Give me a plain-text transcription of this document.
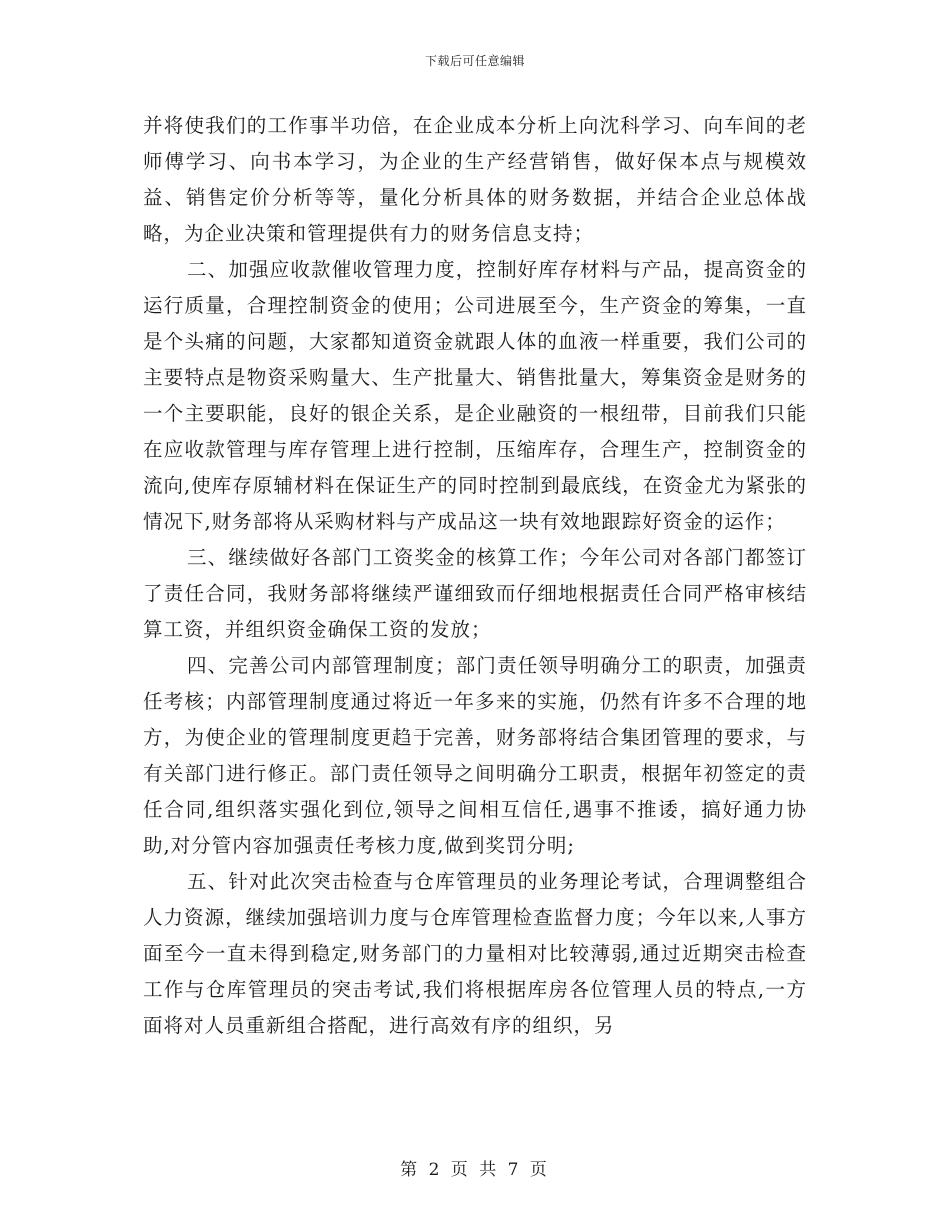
下载后可任意编辑

并将使我们的工作事半功倍，在企业成本分析上向沈科学习、向车间的老师傅学习、向书本学习，为企业的生产经营销售，做好保本点与规模效益、销售定价分析等等，量化分析具体的财务数据，并结合企业总体战略，为企业决策和管理提供有力的财务信息支持；

二、加强应收款催收管理力度，控制好库存材料与产品，提高资金的运行质量，合理控制资金的使用；公司进展至今，生产资金的筹集，一直是个头痛的问题，大家都知道资金就跟人体的血液一样重要，我们公司的主要特点是物资采购量大、生产批量大、销售批量大，筹集资金是财务的一个主要职能，良好的银企关系，是企业融资的一根纽带，目前我们只能在应收款管理与库存管理上进行控制，压缩库存，合理生产，控制资金的流向,使库存原辅材料在保证生产的同时控制到最底线，在资金尤为紧张的情况下,财务部将从采购材料与产成品这一块有效地跟踪好资金的运作；

三、继续做好各部门工资奖金的核算工作；今年公司对各部门都签订了责任合同，我财务部将继续严谨细致而仔细地根据责任合同严格审核结算工资，并组织资金确保工资的发放；

四、完善公司内部管理制度；部门责任领导明确分工的职责，加强责任考核；内部管理制度通过将近一年多来的实施，仍然有许多不合理的地方，为使企业的管理制度更趋于完善，财务部将结合集团管理的要求，与有关部门进行修正。部门责任领导之间明确分工职责，根据年初签定的责任合同,组织落实强化到位,领导之间相互信任,遇事不推诿，搞好通力协助,对分管内容加强责任考核力度,做到奖罚分明;

五、针对此次突击检查与仓库管理员的业务理论考试，合理调整组合人力资源，继续加强培训力度与仓库管理检查监督力度；今年以来,人事方面至今一直未得到稳定,财务部门的力量相对比较薄弱,通过近期突击检查工作与仓库管理员的突击考试,我们将根据库房各位管理人员的特点,一方面将对人员重新组合搭配，进行高效有序的组织，另

第 2 页 共 7 页
